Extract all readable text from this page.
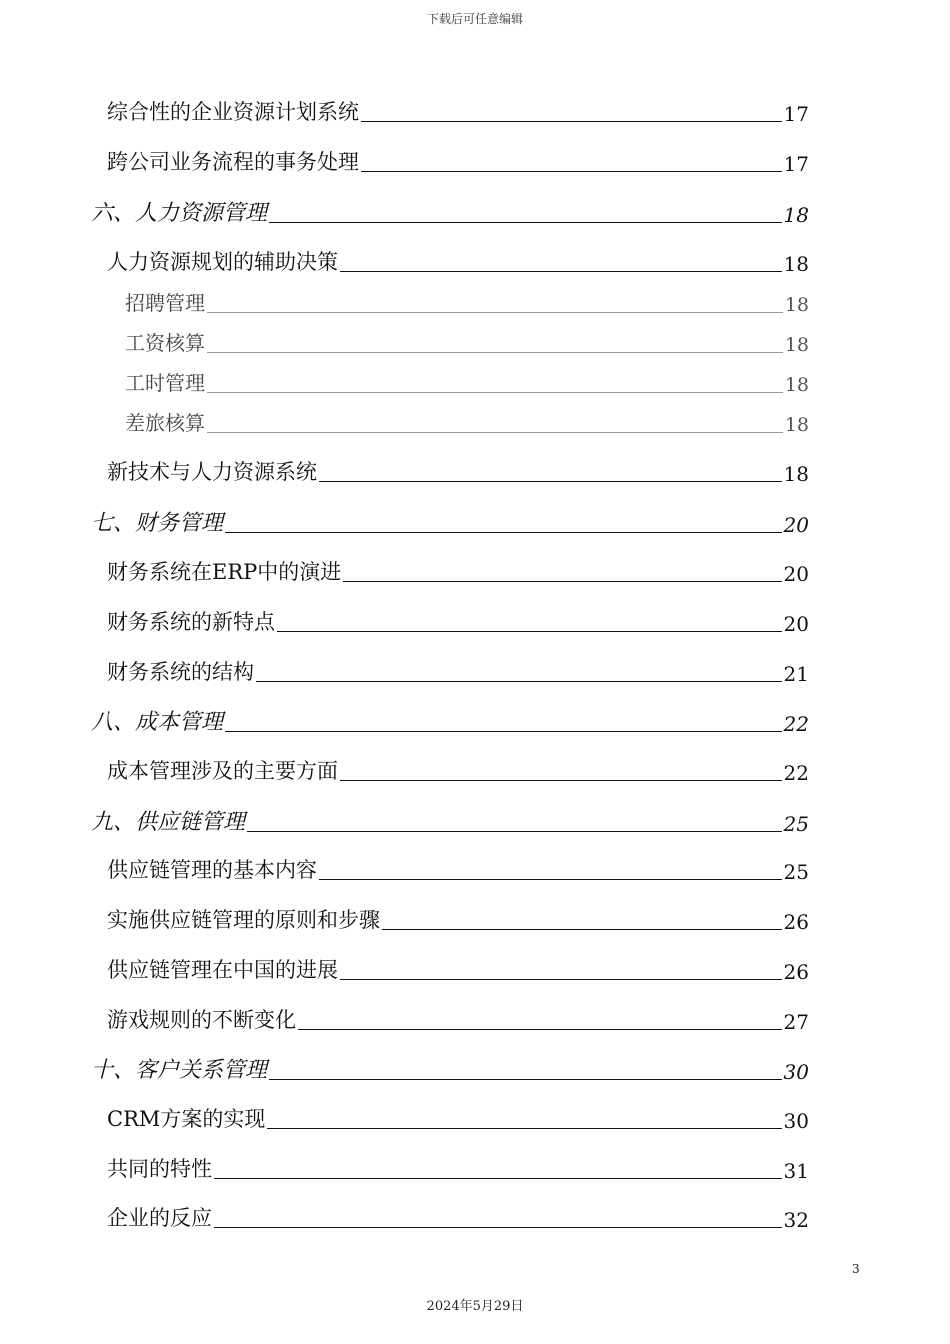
下载后可任意编辑
综合性的企业资源计划系统	17
跨公司业务流程的事务处理	17
六、人力资源管理	18
人力资源规划的辅助决策	18
招聘管理	18
工资核算	18
工时管理	18
差旅核算	18
新技术与人力资源系统	18
七、财务管理	20
财务系统在ERP中的演进	20
财务系统的新特点	20
财务系统的结构	21
八、成本管理	22
成本管理涉及的主要方面	22
九、供应链管理	25
供应链管理的基本内容	25
实施供应链管理的原则和步骤	26
供应链管理在中国的进展	26
游戏规则的不断变化	27
十、客户关系管理	30
CRM方案的实现	30
共同的特性	31
企业的反应	32
3
2024年5月29日
